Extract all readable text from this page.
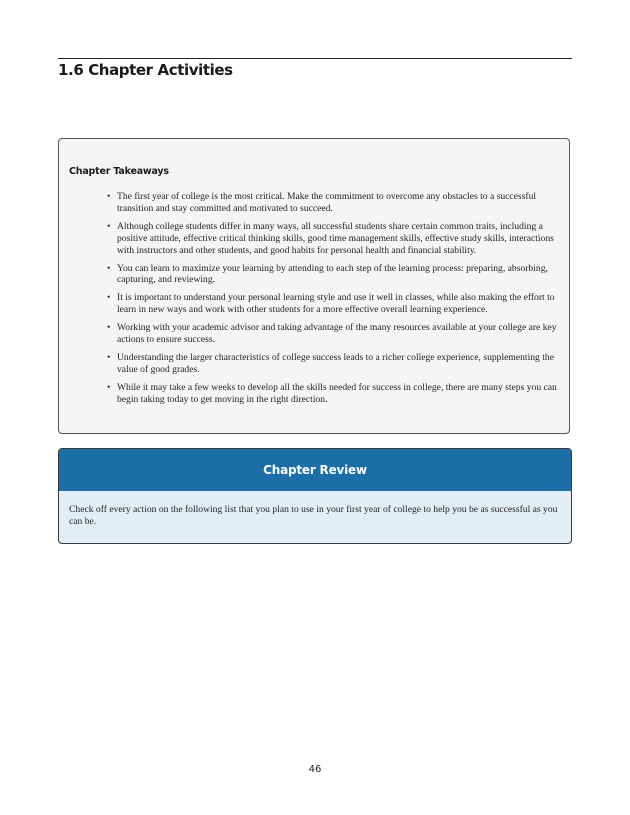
1.6 Chapter Activities
Chapter Takeaways
• The first year of college is the most critical. Make the commitment to overcome any obstacles to a successful transition and stay committed and motivated to succeed.
• Although college students differ in many ways, all successful students share certain common traits, including a positive attitude, effective critical thinking skills, good time management skills, effective study skills, interactions with instructors and other students, and good habits for personal health and financial stability.
• You can learn to maximize your learning by attending to each step of the learning process: preparing, absorbing, capturing, and reviewing.
• It is important to understand your personal learning style and use it well in classes, while also making the effort to learn in new ways and work with other students for a more effective overall learning experience.
• Working with your academic advisor and taking advantage of the many resources available at your college are key actions to ensure success.
• Understanding the larger characteristics of college success leads to a richer college experience, supplementing the value of good grades.
• While it may take a few weeks to develop all the skills needed for success in college, there are many steps you can begin taking today to get moving in the right direction.
Chapter Review

Check off every action on the following list that you plan to use in your first year of college to help you be as successful as you can be.

46
